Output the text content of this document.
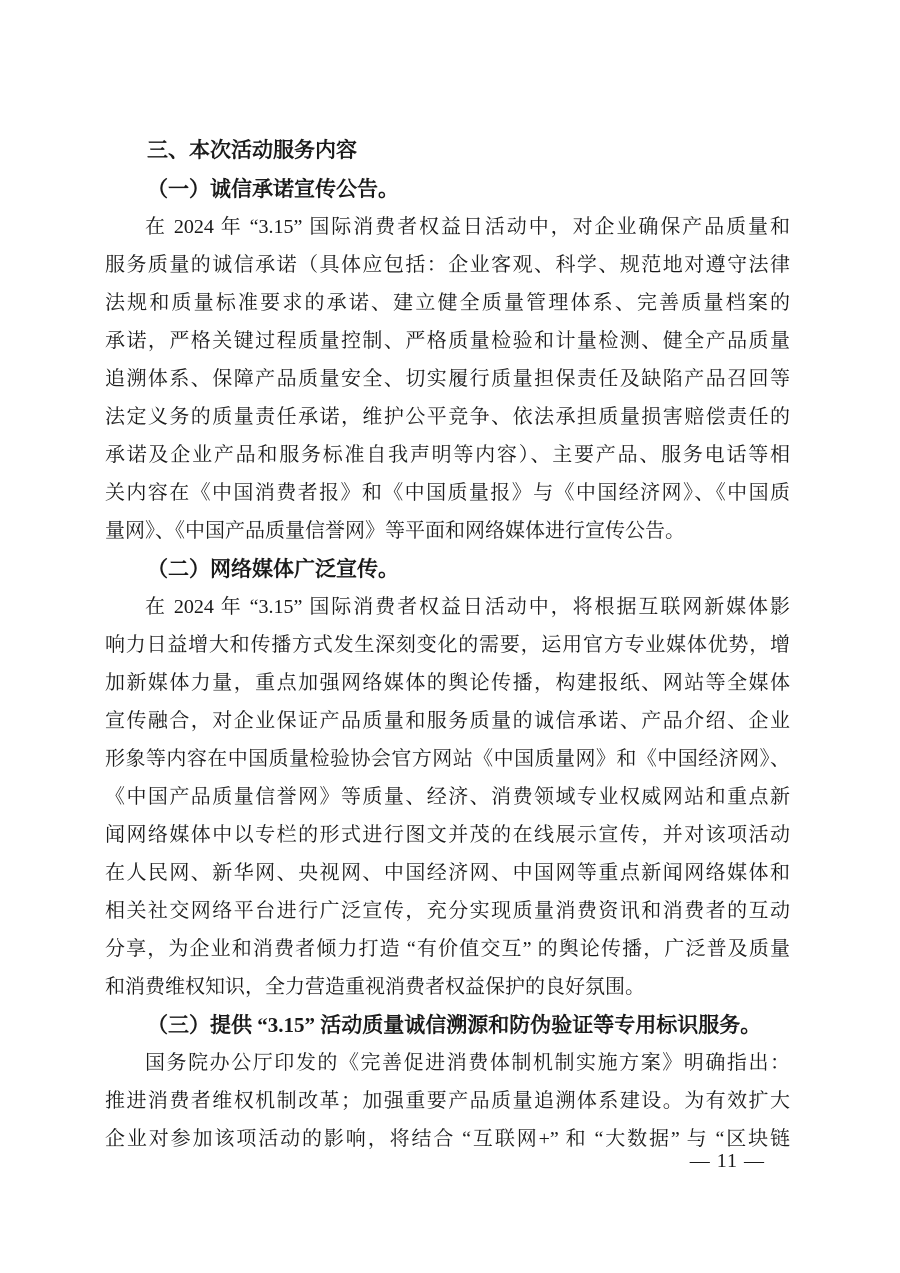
三、本次活动服务内容
（一）诚信承诺宣传公告。
在 2024 年 “3.15” 国际消费者权益日活动中，对企业确保产品质量和
服务质量的诚信承诺（具体应包括：企业客观、科学、规范地对遵守法律
法规和质量标准要求的承诺、建立健全质量管理体系、完善质量档案的
承诺，严格关键过程质量控制、严格质量检验和计量检测、健全产品质量
追溯体系、保障产品质量安全、切实履行质量担保责任及缺陷产品召回等
法定义务的质量责任承诺，维护公平竞争、依法承担质量损害赔偿责任的
承诺及企业产品和服务标准自我声明等内容）、主要产品、服务电话等相
关内容在《中国消费者报》和《中国质量报》与《中国经济网》、《中国质
量网》、《中国产品质量信誉网》等平面和网络媒体进行宣传公告。
（二）网络媒体广泛宣传。
在 2024 年 “3.15” 国际消费者权益日活动中，将根据互联网新媒体影
响力日益增大和传播方式发生深刻变化的需要，运用官方专业媒体优势，增
加新媒体力量，重点加强网络媒体的舆论传播，构建报纸、网站等全媒体
宣传融合，对企业保证产品质量和服务质量的诚信承诺、产品介绍、企业
形象等内容在中国质量检验协会官方网站《中国质量网》和《中国经济网》、
《中国产品质量信誉网》等质量、经济、消费领域专业权威网站和重点新
闻网络媒体中以专栏的形式进行图文并茂的在线展示宣传，并对该项活动
在人民网、新华网、央视网、中国经济网、中国网等重点新闻网络媒体和
相关社交网络平台进行广泛宣传，充分实现质量消费资讯和消费者的互动
分享，为企业和消费者倾力打造 “有价值交互” 的舆论传播，广泛普及质量
和消费维权知识，全力营造重视消费者权益保护的良好氛围。
（三）提供 “3.15” 活动质量诚信溯源和防伪验证等专用标识服务。
国务院办公厅印发的《完善促进消费体制机制实施方案》明确指出：
推进消费者维权机制改革；加强重要产品质量追溯体系建设。为有效扩大
企业对参加该项活动的影响，将结合 “互联网+” 和 “大数据” 与 “区块链
— 11 —
